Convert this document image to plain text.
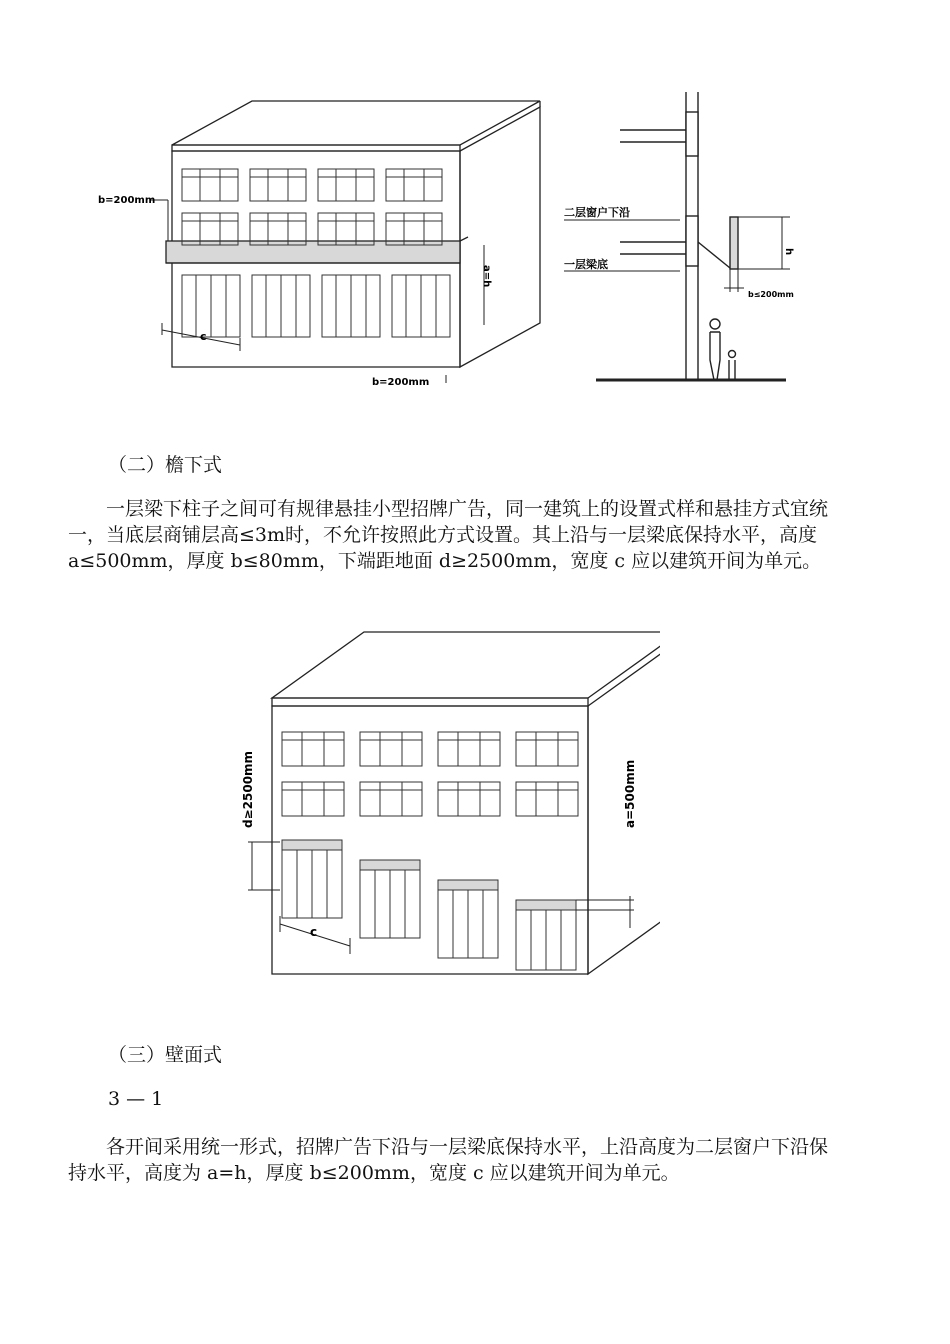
b=200mm
c
a=h
b=200mm
二层窗户下沿
一层梁底
h
b≤200mm
（二）檐下式
一层梁下柱子之间可有规律悬挂小型招牌广告，同一建筑上的设置式样和悬挂方式宜统一，当底层商铺层高≤3m时，不允许按照此方式设置。其上沿与一层梁底保持水平，高度 a≤500mm，厚度 b≤80mm，下端距地面 d≥2500mm，宽度 c 应以建筑开间为单元。
d≥2500mm	a=500mm
c
（三）壁面式
3 — 1
各开间采用统一形式，招牌广告下沿与一层梁底保持水平，上沿高度为二层窗户下沿保持水平，高度为 a=h，厚度 b≤200mm，宽度 c 应以建筑开间为单元。
